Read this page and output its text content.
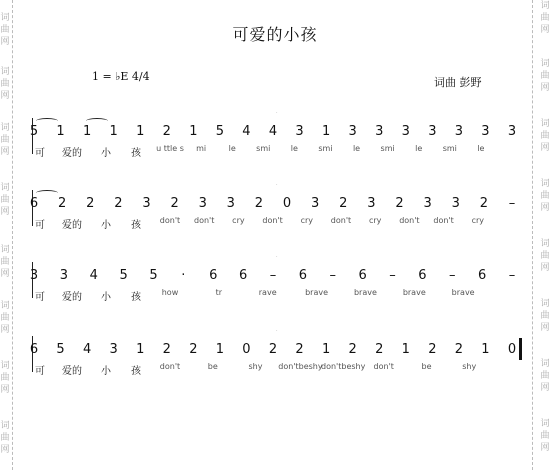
词
曲
网
词
曲
网
词
曲
网
词
曲
网
词
曲
网
词
曲
网
词
曲
网
词
曲
网
词
曲
网
词
曲
网
词
曲
网
词
曲
网
词
曲
网
词
曲
网
词
曲
网
词
曲
网
可爱的小孩
1 = ♭E 4/4	词曲 彭野
·
5	1	1	1	1	2	1	5	4	4	3	1	3	3	3	3	3	3	3
可	爱的	小	孩	u ttle s	mi	le	smi	le	smi	le	smi	le	smi	le
·
6	2	2	2	3	2	3	3	2	0	3	2	3	2	3	3	2	–
可	爱的	小	孩	don't	don't	cry	don't	cry	don't	cry	don't	don't	cry
·
3	3	4	5	5	·	6	6	–	6	–	6	–	6	–	6	–
可	爱的	小	孩	how	tr	rave	brave	brave	brave	brave
·
6	5	4	3	1	2	2	1	0	2	2	1	2	2	1	2	2	1	0
可	爱的	小	孩	don't	be	shy	don'tbeshy
don'tbeshy	don't	be	shy
